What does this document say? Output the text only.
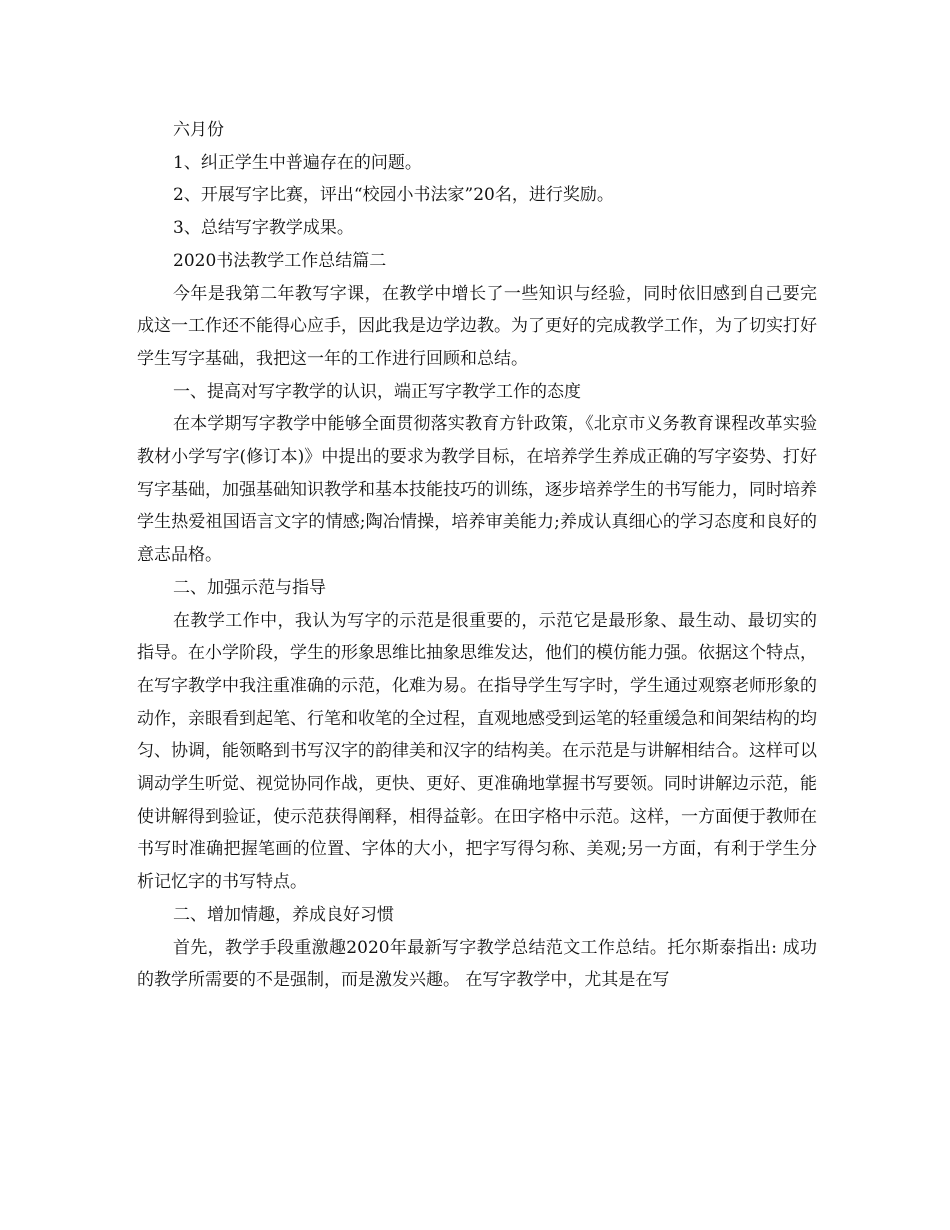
六月份

1、纠正学生中普遍存在的问题。

2、开展写字比赛，评出“校园小书法家”20名，进行奖励。

3、总结写字教学成果。

2020书法教学工作总结篇二

今年是我第二年教写字课，在教学中增长了一些知识与经验，同时依旧感到自己要完成这一工作还不能得心应手，因此我是边学边教。为了更好的完成教学工作，为了切实打好学生写字基础，我把这一年的工作进行回顾和总结。

一、提高对写字教学的认识，端正写字教学工作的态度

在本学期写字教学中能够全面贯彻落实教育方针政策，《北京市义务教育课程改革实验教材小学写字(修订本)》中提出的要求为教学目标，在培养学生养成正确的写字姿势、打好写字基础，加强基础知识教学和基本技能技巧的训练，逐步培养学生的书写能力，同时培养学生热爱祖国语言文字的情感;陶冶情操，培养审美能力;养成认真细心的学习态度和良好的意志品格。

二、加强示范与指导

在教学工作中，我认为写字的示范是很重要的，示范它是最形象、最生动、最切实的指导。在小学阶段，学生的形象思维比抽象思维发达，他们的模仿能力强。依据这个特点，在写字教学中我注重准确的示范，化难为易。在指导学生写字时，学生通过观察老师形象的动作，亲眼看到起笔、行笔和收笔的全过程，直观地感受到运笔的轻重缓急和间架结构的均匀、协调，能领略到书写汉字的韵律美和汉字的结构美。在示范是与讲解相结合。这样可以调动学生听觉、视觉协同作战，更快、更好、更准确地掌握书写要领。同时讲解边示范，能使讲解得到验证，使示范获得阐释，相得益彰。在田字格中示范。这样，一方面便于教师在书写时准确把握笔画的位置、字体的大小，把字写得匀称、美观;另一方面，有利于学生分析记忆字的书写特点。

二、增加情趣，养成良好习惯

首先，教学手段重激趣2020年最新写字教学总结范文工作总结。托尔斯泰指出: 成功的教学所需要的不是强制，而是激发兴趣。 在写字教学中，尤其是在写
